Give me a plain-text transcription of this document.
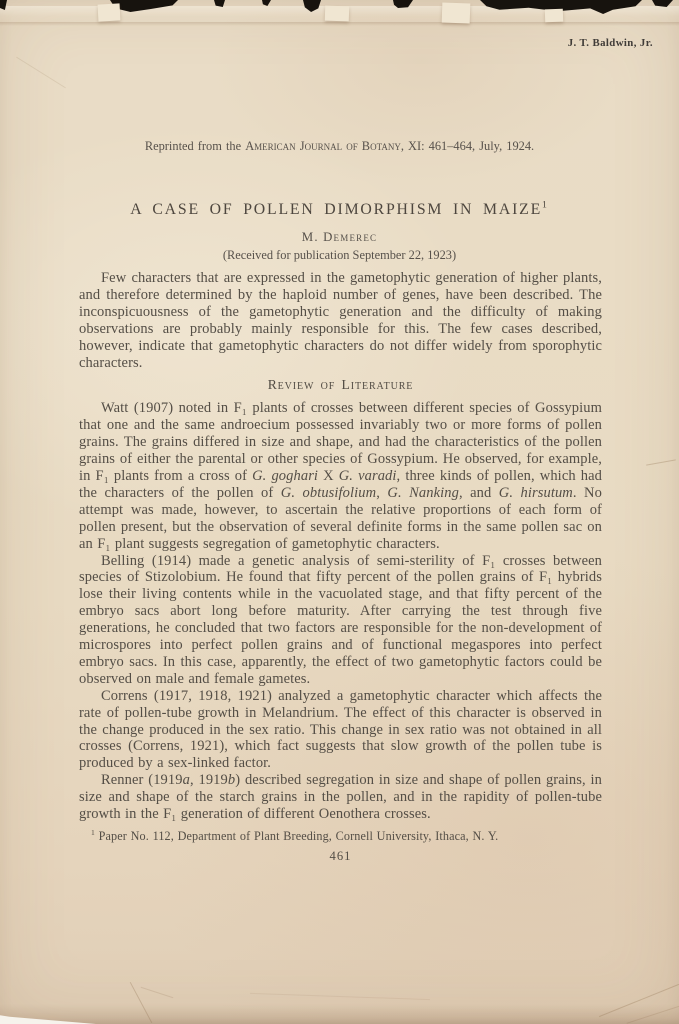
J. T. Baldwin, Jr.
Reprinted from the American Journal of Botany, XI: 461–464, July, 1924.
A CASE OF POLLEN DIMORPHISM IN MAIZE$^1$
M. Demerec
(Received for publication September 22, 1923)

Few characters that are expressed in the gametophytic generation of higher plants, and therefore determined by the haploid number of genes, have been described. The inconspicuousness of the gametophytic generation and the difficulty of making observations are probably mainly responsible for this. The few cases described, however, indicate that gametophytic characters do not differ widely from sporophytic characters.

Review of Literature

Watt (1907) noted in F₁ plants of crosses between different species of Gossypium that one and the same androecium possessed invariably two or more forms of pollen grains. The grains differed in size and shape, and had the characteristics of the pollen grains of either the parental or other species of Gossypium. He observed, for example, in F₁ plants from a cross of G. goghari X G. varadi, three kinds of pollen, which had the characters of the pollen of G. obtusifolium, G. Nanking, and G. hirsutum. No attempt was made, however, to ascertain the relative proportions of each form of pollen present, but the observation of several definite forms in the same pollen sac on an F₁ plant suggests segregation of gametophytic characters.

Belling (1914) made a genetic analysis of semi-sterility of F₁ crosses between species of Stizolobium. He found that fifty percent of the pollen grains of F₁ hybrids lose their living contents while in the vacuolated stage, and that fifty percent of the embryo sacs abort long before maturity. After carrying the test through five generations, he concluded that two factors are responsible for the non-development of microspores into perfect pollen grains and of functional megaspores into perfect embryo sacs. In this case, apparently, the effect of two gametophytic factors could be observed on male and female gametes.

Correns (1917, 1918, 1921) analyzed a gametophytic character which affects the rate of pollen-tube growth in Melandrium. The effect of this character is observed in the change produced in the sex ratio. This change in sex ratio was not obtained in all crosses (Correns, 1921), which fact suggests that slow growth of the pollen tube is produced by a sex-linked factor.

Renner (1919a, 1919b) described segregation in size and shape of pollen grains, in size and shape of the starch grains in the pollen, and in the rapidity of pollen-tube growth in the F₁ generation of different Oenothera crosses.

$^1$ Paper No. 112, Department of Plant Breeding, Cornell University, Ithaca, N. Y.
461
